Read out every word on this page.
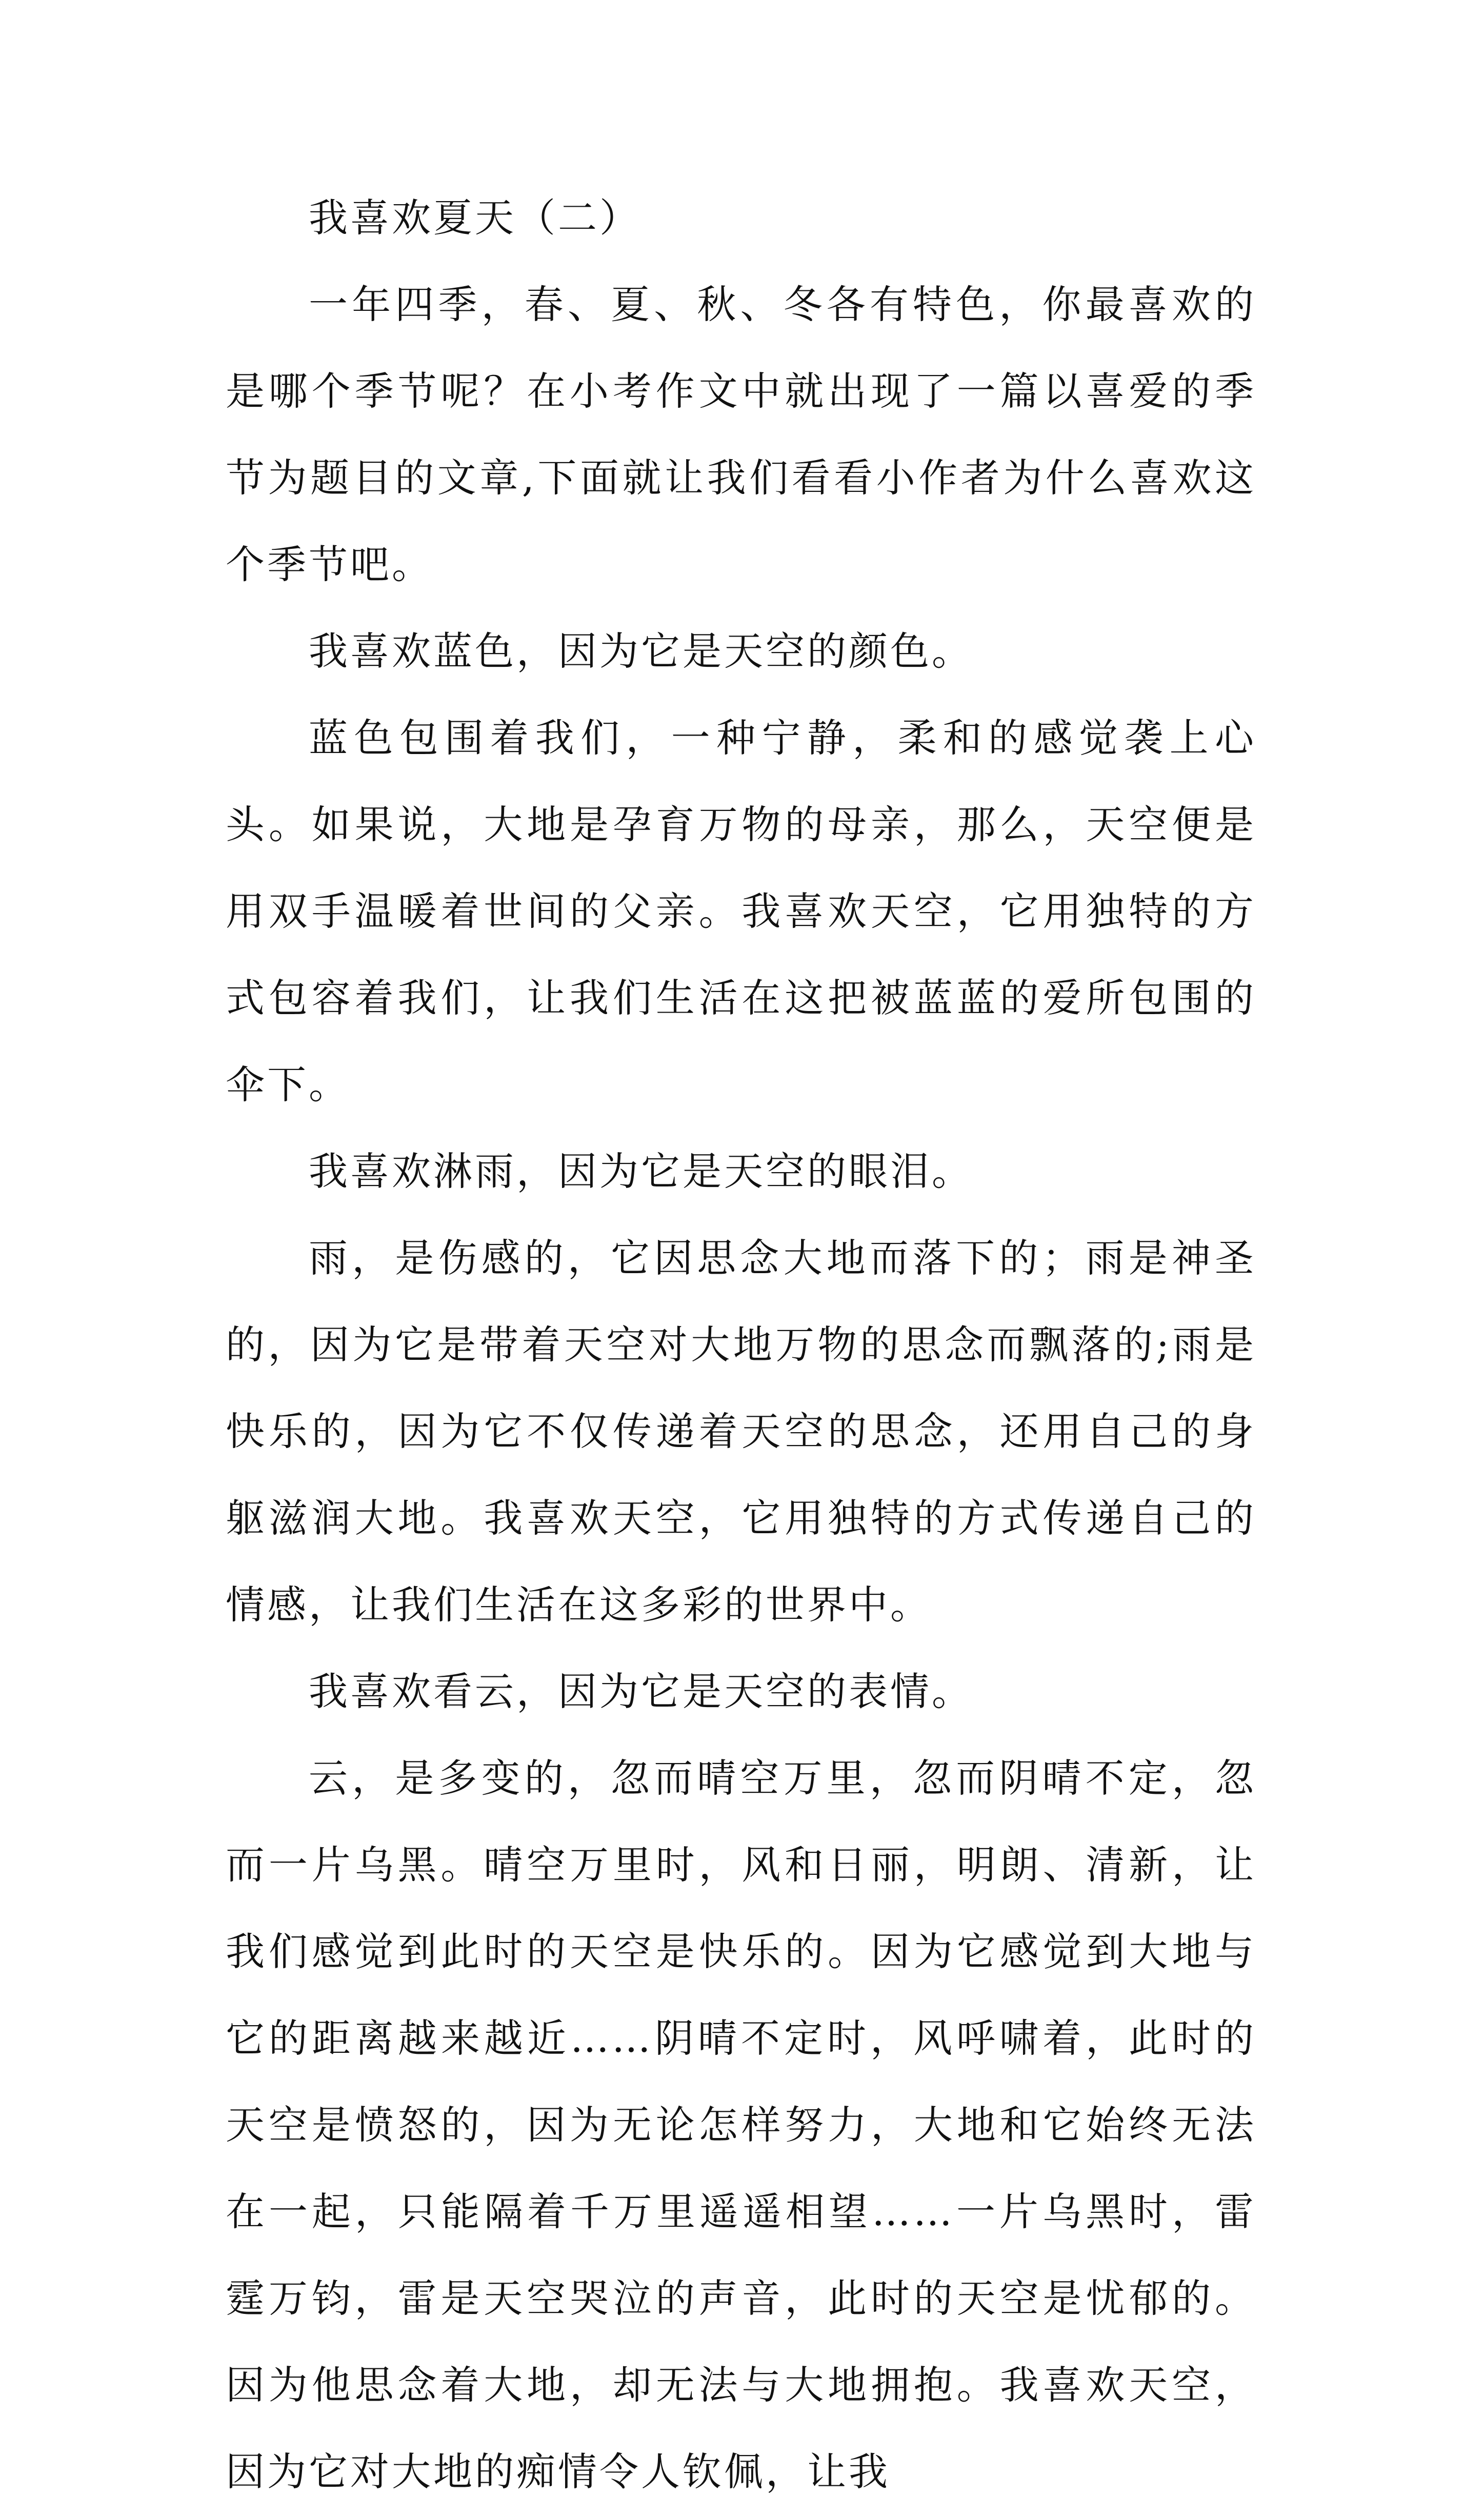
我喜欢夏天（二）

一年四季，春、夏、秋、冬各有特色，你最喜欢的是哪个季节呢？在小考作文中就出现了一篇以喜爱的季节为题目的文章,下面就让我们看看小作者为什么喜欢这个季节吧。

我喜欢蓝色，因为它是天空的颜色。

蓝色包围着我们，一种宁静，柔和的感觉袭上心头。如果说，大地是孕育万物的母亲，那么，天空便是用双手温暖着世间的父亲。我喜欢天空，它用独特的方式包容着我们，让我们生活在这把被蓝蓝的爱所包围的伞下。

我喜欢淋雨，因为它是天空的眼泪。

雨，是伤感的，它因思念大地而落下的；雨是神圣的，因为它是带着天空对大地万物的思念而飘落的;雨是快乐的，因为它不仅传递着天空的思念，还用自己的身躯滋润大地。我喜欢天空，它用独特的方式传递自己的情感，让我们生活在这多彩的世界中。

我喜欢看云，因为它是天空的表情。

云，是多变的，忽而晴空万里，忽而阴晴不定，忽而一片乌黑。晴空万里时，风和日丽，明朗、清新，让我们感觉到此时的天空是快乐的。因为它感觉到大地与它的距离越来越近……阴晴不定时，风呼啸着，此时的天空是愤怒的，因为无论怎样努力，大地和它始终无法在一起，只能隔着千万里遥遥相望……一片乌黑时，雷霆万钧，雷是天空哭泣的声音，此时的天空是忧郁的。因为他思念着大地，却无法与大地拥抱。我喜欢天空，因为它对大地的痴情令人钦佩，让我
